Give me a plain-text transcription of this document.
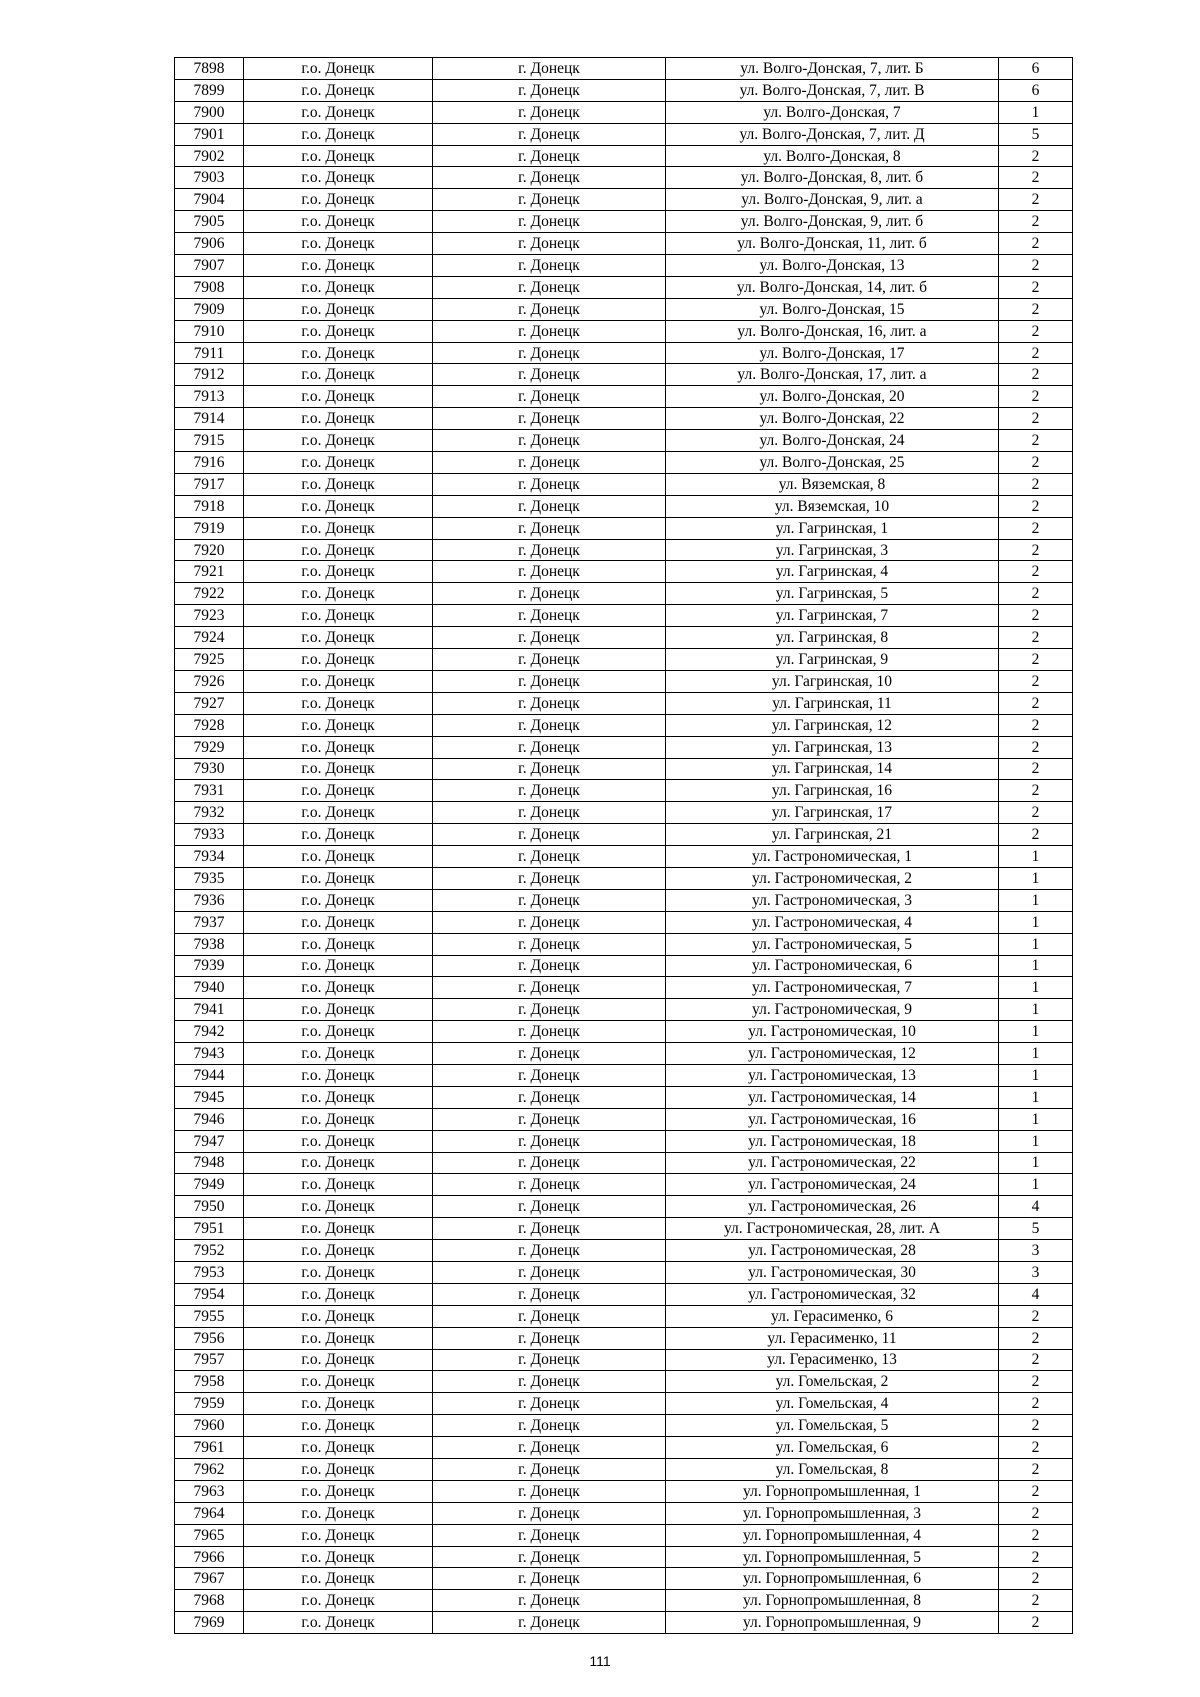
7898	г.о. Донецк	г. Донецк	ул. Волго-Донская, 7, лит. Б	6
7899	г.о. Донецк	г. Донецк	ул. Волго-Донская, 7, лит. В	6
7900	г.о. Донецк	г. Донецк	ул. Волго-Донская, 7	1
7901	г.о. Донецк	г. Донецк	ул. Волго-Донская, 7, лит. Д	5
7902	г.о. Донецк	г. Донецк	ул. Волго-Донская, 8	2
7903	г.о. Донецк	г. Донецк	ул. Волго-Донская, 8, лит. б	2
7904	г.о. Донецк	г. Донецк	ул. Волго-Донская, 9, лит. а	2
7905	г.о. Донецк	г. Донецк	ул. Волго-Донская, 9, лит. б	2
7906	г.о. Донецк	г. Донецк	ул. Волго-Донская, 11, лит. б	2
7907	г.о. Донецк	г. Донецк	ул. Волго-Донская, 13	2
7908	г.о. Донецк	г. Донецк	ул. Волго-Донская, 14, лит. б	2
7909	г.о. Донецк	г. Донецк	ул. Волго-Донская, 15	2
7910	г.о. Донецк	г. Донецк	ул. Волго-Донская, 16, лит. а	2
7911	г.о. Донецк	г. Донецк	ул. Волго-Донская, 17	2
7912	г.о. Донецк	г. Донецк	ул. Волго-Донская, 17, лит. а	2
7913	г.о. Донецк	г. Донецк	ул. Волго-Донская, 20	2
7914	г.о. Донецк	г. Донецк	ул. Волго-Донская, 22	2
7915	г.о. Донецк	г. Донецк	ул. Волго-Донская, 24	2
7916	г.о. Донецк	г. Донецк	ул. Волго-Донская, 25	2
7917	г.о. Донецк	г. Донецк	ул. Вяземская, 8	2
7918	г.о. Донецк	г. Донецк	ул. Вяземская, 10	2
7919	г.о. Донецк	г. Донецк	ул. Гагринская, 1	2
7920	г.о. Донецк	г. Донецк	ул. Гагринская, 3	2
7921	г.о. Донецк	г. Донецк	ул. Гагринская, 4	2
7922	г.о. Донецк	г. Донецк	ул. Гагринская, 5	2
7923	г.о. Донецк	г. Донецк	ул. Гагринская, 7	2
7924	г.о. Донецк	г. Донецк	ул. Гагринская, 8	2
7925	г.о. Донецк	г. Донецк	ул. Гагринская, 9	2
7926	г.о. Донецк	г. Донецк	ул. Гагринская, 10	2
7927	г.о. Донецк	г. Донецк	ул. Гагринская, 11	2
7928	г.о. Донецк	г. Донецк	ул. Гагринская, 12	2
7929	г.о. Донецк	г. Донецк	ул. Гагринская, 13	2
7930	г.о. Донецк	г. Донецк	ул. Гагринская, 14	2
7931	г.о. Донецк	г. Донецк	ул. Гагринская, 16	2
7932	г.о. Донецк	г. Донецк	ул. Гагринская, 17	2
7933	г.о. Донецк	г. Донецк	ул. Гагринская, 21	2
7934	г.о. Донецк	г. Донецк	ул. Гастрономическая, 1	1
7935	г.о. Донецк	г. Донецк	ул. Гастрономическая, 2	1
7936	г.о. Донецк	г. Донецк	ул. Гастрономическая, 3	1
7937	г.о. Донецк	г. Донецк	ул. Гастрономическая, 4	1
7938	г.о. Донецк	г. Донецк	ул. Гастрономическая, 5	1
7939	г.о. Донецк	г. Донецк	ул. Гастрономическая, 6	1
7940	г.о. Донецк	г. Донецк	ул. Гастрономическая, 7	1
7941	г.о. Донецк	г. Донецк	ул. Гастрономическая, 9	1
7942	г.о. Донецк	г. Донецк	ул. Гастрономическая, 10	1
7943	г.о. Донецк	г. Донецк	ул. Гастрономическая, 12	1
7944	г.о. Донецк	г. Донецк	ул. Гастрономическая, 13	1
7945	г.о. Донецк	г. Донецк	ул. Гастрономическая, 14	1
7946	г.о. Донецк	г. Донецк	ул. Гастрономическая, 16	1
7947	г.о. Донецк	г. Донецк	ул. Гастрономическая, 18	1
7948	г.о. Донецк	г. Донецк	ул. Гастрономическая, 22	1
7949	г.о. Донецк	г. Донецк	ул. Гастрономическая, 24	1
7950	г.о. Донецк	г. Донецк	ул. Гастрономическая, 26	4
7951	г.о. Донецк	г. Донецк	ул. Гастрономическая, 28, лит. А	5
7952	г.о. Донецк	г. Донецк	ул. Гастрономическая, 28	3
7953	г.о. Донецк	г. Донецк	ул. Гастрономическая, 30	3
7954	г.о. Донецк	г. Донецк	ул. Гастрономическая, 32	4
7955	г.о. Донецк	г. Донецк	ул. Герасименко, 6	2
7956	г.о. Донецк	г. Донецк	ул. Герасименко, 11	2
7957	г.о. Донецк	г. Донецк	ул. Герасименко, 13	2
7958	г.о. Донецк	г. Донецк	ул. Гомельская, 2	2
7959	г.о. Донецк	г. Донецк	ул. Гомельская, 4	2
7960	г.о. Донецк	г. Донецк	ул. Гомельская, 5	2
7961	г.о. Донецк	г. Донецк	ул. Гомельская, 6	2
7962	г.о. Донецк	г. Донецк	ул. Гомельская, 8	2
7963	г.о. Донецк	г. Донецк	ул. Горнопромышленная, 1	2
7964	г.о. Донецк	г. Донецк	ул. Горнопромышленная, 3	2
7965	г.о. Донецк	г. Донецк	ул. Горнопромышленная, 4	2
7966	г.о. Донецк	г. Донецк	ул. Горнопромышленная, 5	2
7967	г.о. Донецк	г. Донецк	ул. Горнопромышленная, 6	2
7968	г.о. Донецк	г. Донецк	ул. Горнопромышленная, 8	2
7969	г.о. Донецк	г. Донецк	ул. Горнопромышленная, 9	2
111
